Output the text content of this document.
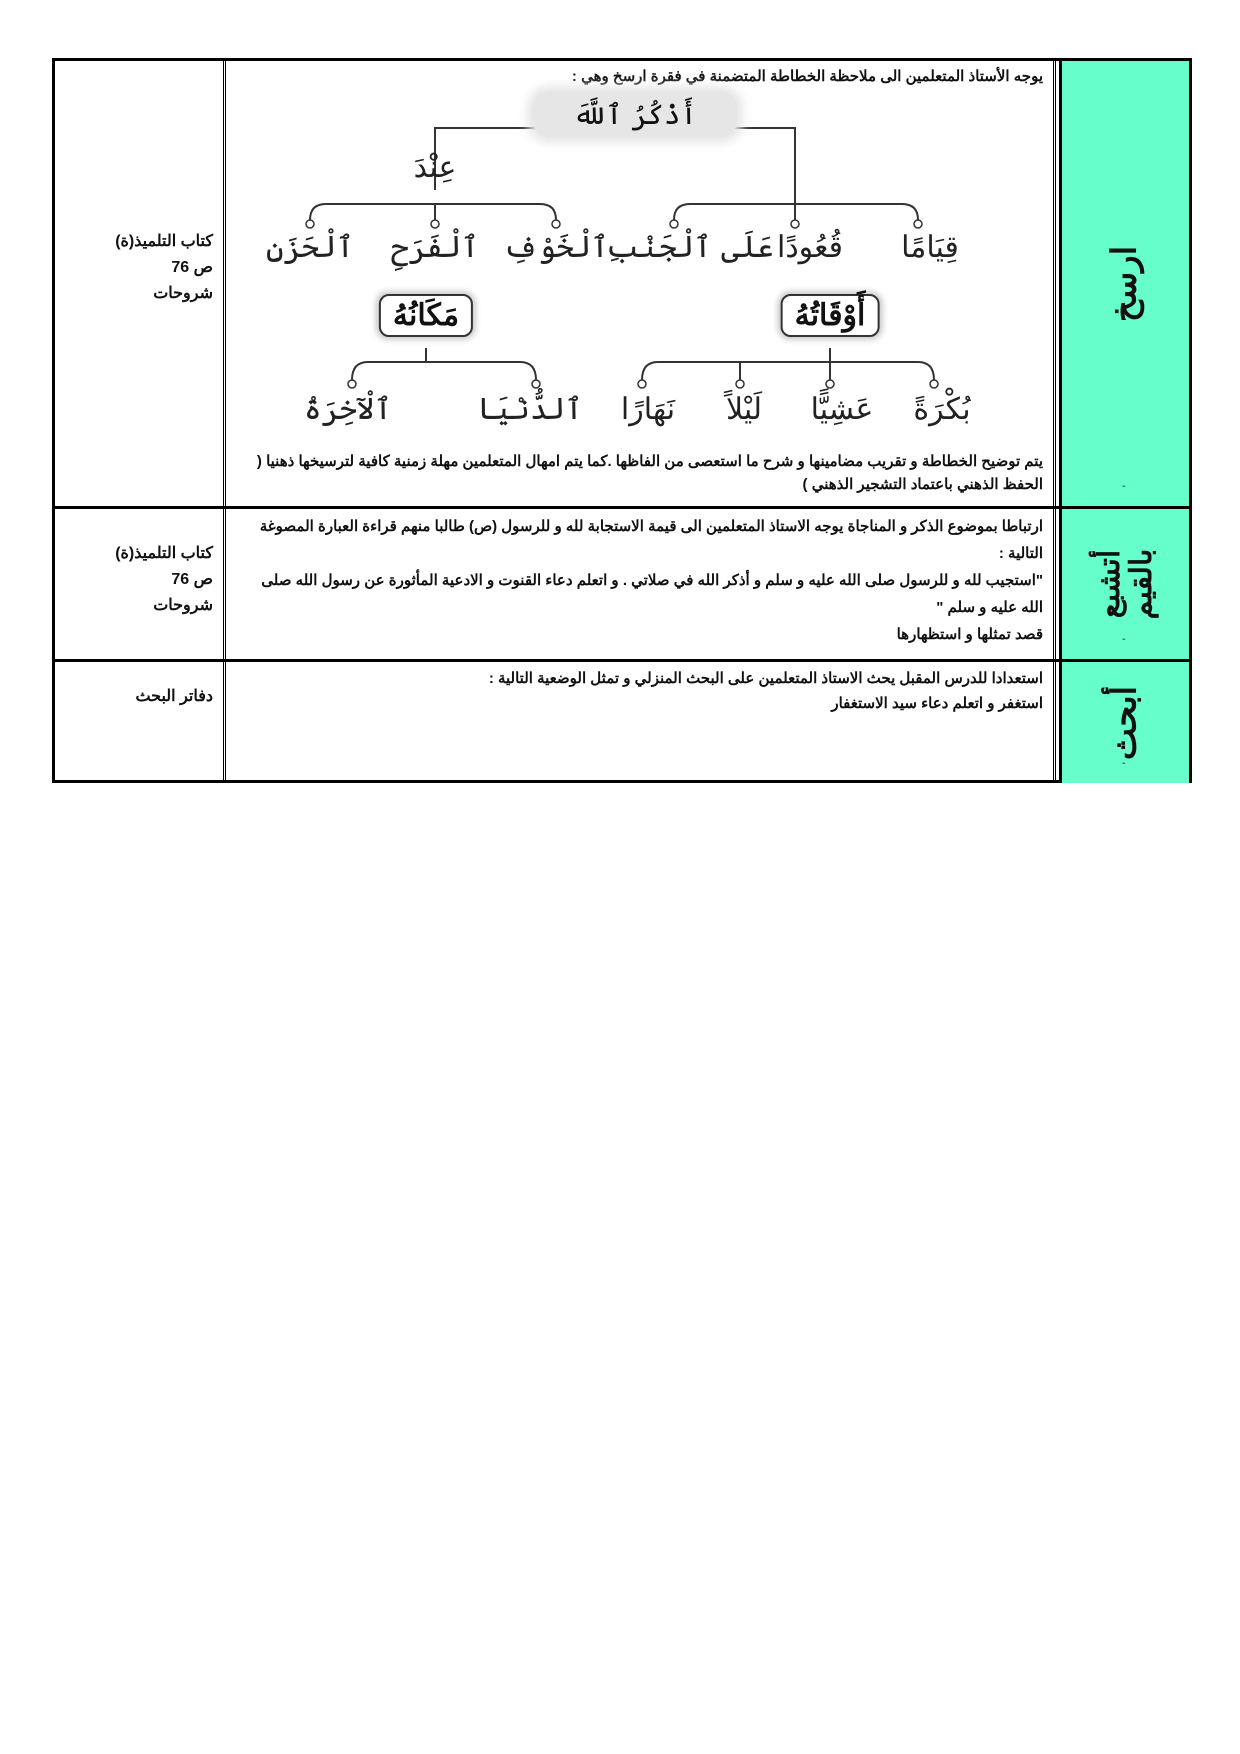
ارسخ
-

يوجه الأستاذ المتعلمين الى ملاحظة الخطاطة المتضمنة في فقرة ارسخ وهي :

أَذْكُرُ ٱللَّهَ
عِنْدَ
ٱلْحَزَنِ ٱلْفَرَحِ ٱلْخَوْفِ
عَلَى ٱلْجَنْبِ قُعُودًا قِيَامًا
أَوْقَاتُهُ
مَكَانُهُ
ٱلْآخِرَةُ	ٱلدُّنْيَا نَهَارًا لَيْلاً عَشِيًّا بُكْرَةً

يتم توضيح الخطاطة و تقريب مضامينها و شرح ما استعصى من الفاظها .كما يتم امهال المتعلمين مهلة زمنية كافية لترسيخها ذهنيا ( الحفظ الذهني باعتماد التشجير الذهني )

كتاب التلميذ(ة)
ص 76
شروحات
أتشبع بالقيم
-

ارتباطا بموضوع الذكر و المناجاة يوجه الاستاذ المتعلمين الى قيمة الاستجابة لله و للرسول (ص) طالبا منهم قراءة العبارة المصوغة التالية :

"استجيب لله و للرسول صلى الله عليه و سلم و أذكر الله في صلاتي . و اتعلم دعاء القنوت و الادعية المأثورة عن رسول الله صلى الله عليه و سلم "

قصد تمثلها و استظهارها

كتاب التلميذ(ة)
ص 76
شروحات
أبحث
-

استعدادا للدرس المقبل يحث الاستاذ المتعلمين على البحث المنزلي و تمثل الوضعية التالية :

استغفر و اتعلم دعاء سيد الاستغفار

دفاتر البحث
